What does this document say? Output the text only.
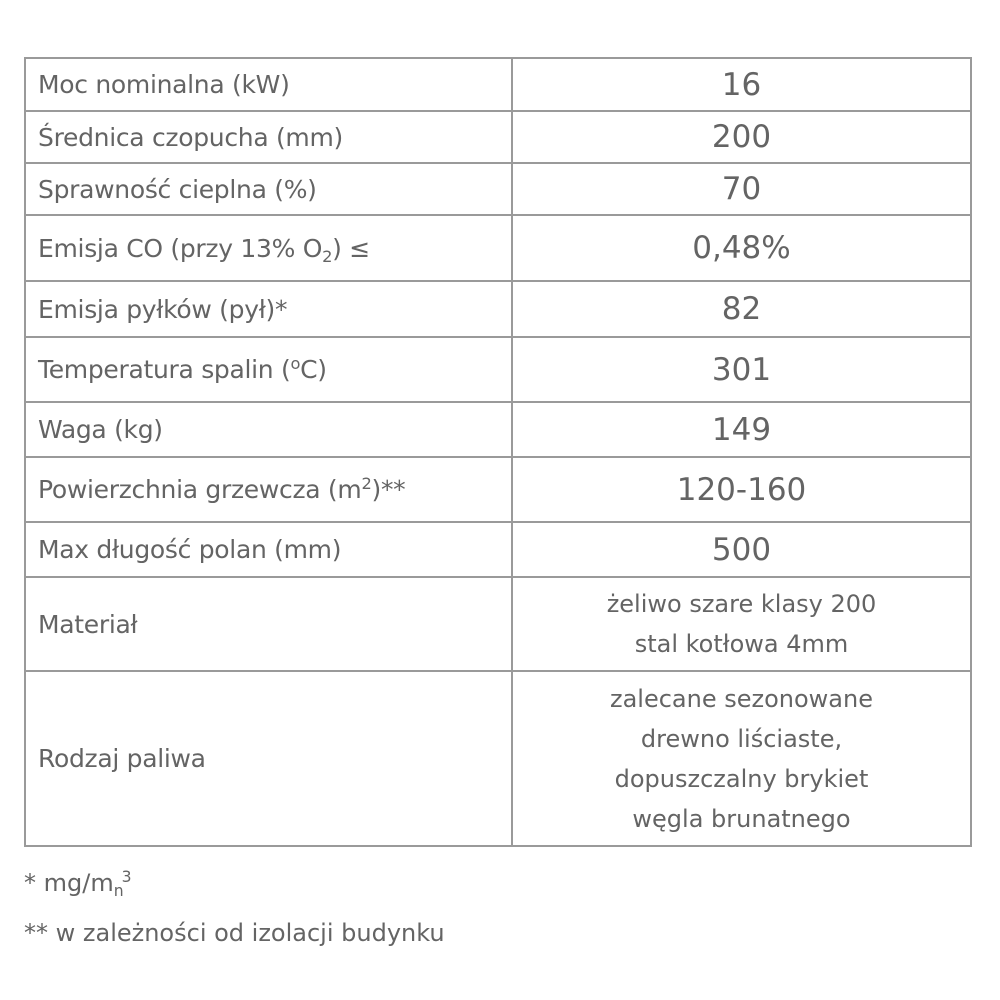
Moc nominalna (kW)	16
Średnica czopucha (mm)	200
Sprawność cieplna (%)	70
Emisja CO (przy 13% $O_2$) ≤	0,48%
Emisja pyłków (pył)*	82
Temperatura spalin ($^o$C)	301
Waga (kg)	149
Powierzchnia grzewcza $(m^2)**$	120-160
Max długość polan (mm)	500
Materiał	żeliwo szare klasy 200
stal kotłowa 4mm

Rodzaj paliwa	zalecane sezonowane
drewno liściaste,
dopuszczalny brykiet
węgla brunatnego
* $mg/m_n^3$
** w zależności od izolacji budynku
